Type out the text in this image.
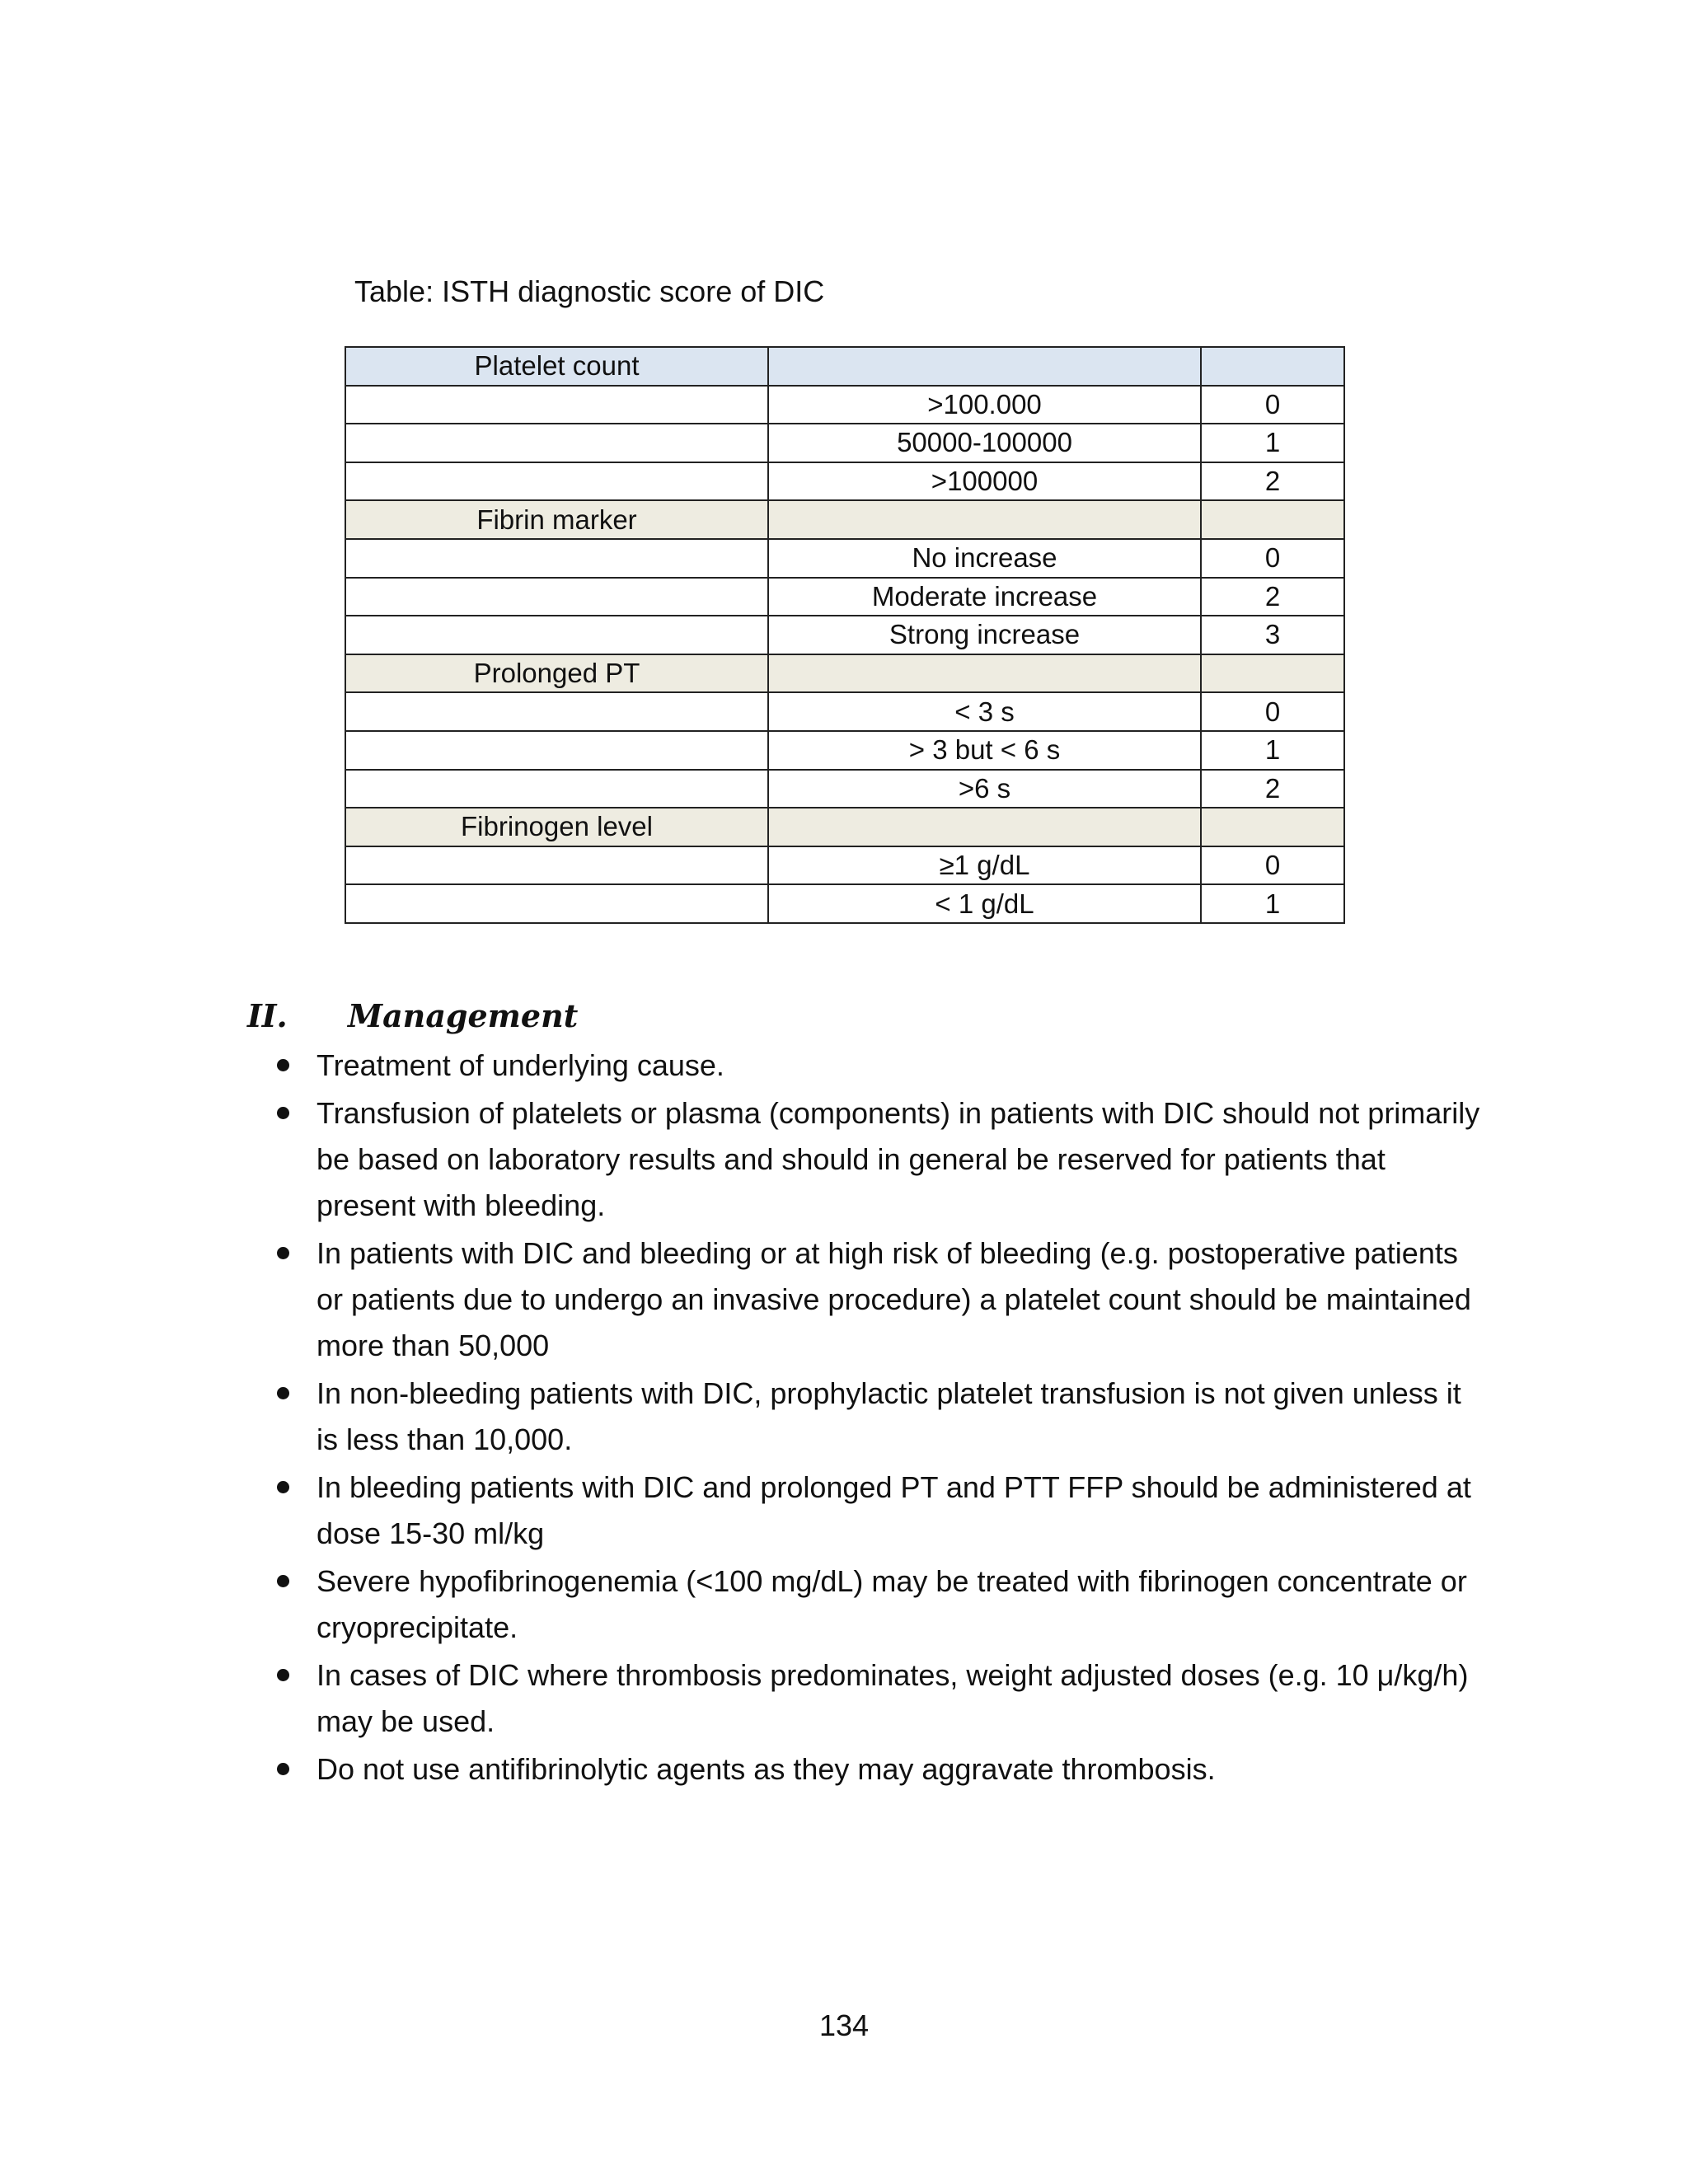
Table: ISTH diagnostic score of DIC
Platelet count		
	>100.000	0
	50000-100000	1
	>100000	2
Fibrin marker		
	No increase	0
	Moderate increase	2
	Strong increase	3
Prolonged PT		
	< 3 s	0
	> 3 but < 6 s	1
	>6 s	2
Fibrinogen level		
	≥1 g/dL	0
	< 1 g/dL	1
II. Management
Treatment of underlying cause.
Transfusion of platelets or plasma (components) in patients with DIC should not primarily be based on laboratory results and should in general be reserved for patients that present with bleeding.
In patients with DIC and bleeding or at high risk of bleeding (e.g. postoperative patients or patients due to undergo an invasive procedure) a platelet count should be maintained more than 50,000
In non-bleeding patients with DIC, prophylactic platelet transfusion is not given unless it is less than 10,000.
In bleeding patients with DIC and prolonged PT and PTT FFP should be administered at dose 15-30 ml/kg
Severe hypofibrinogenemia (<100 mg/dL) may be treated with fibrinogen concentrate or cryoprecipitate.
In cases of DIC where thrombosis predominates, weight adjusted doses (e.g. 10 μ/kg/h) may be used.
Do not use antifibrinolytic agents as they may aggravate thrombosis.
134
